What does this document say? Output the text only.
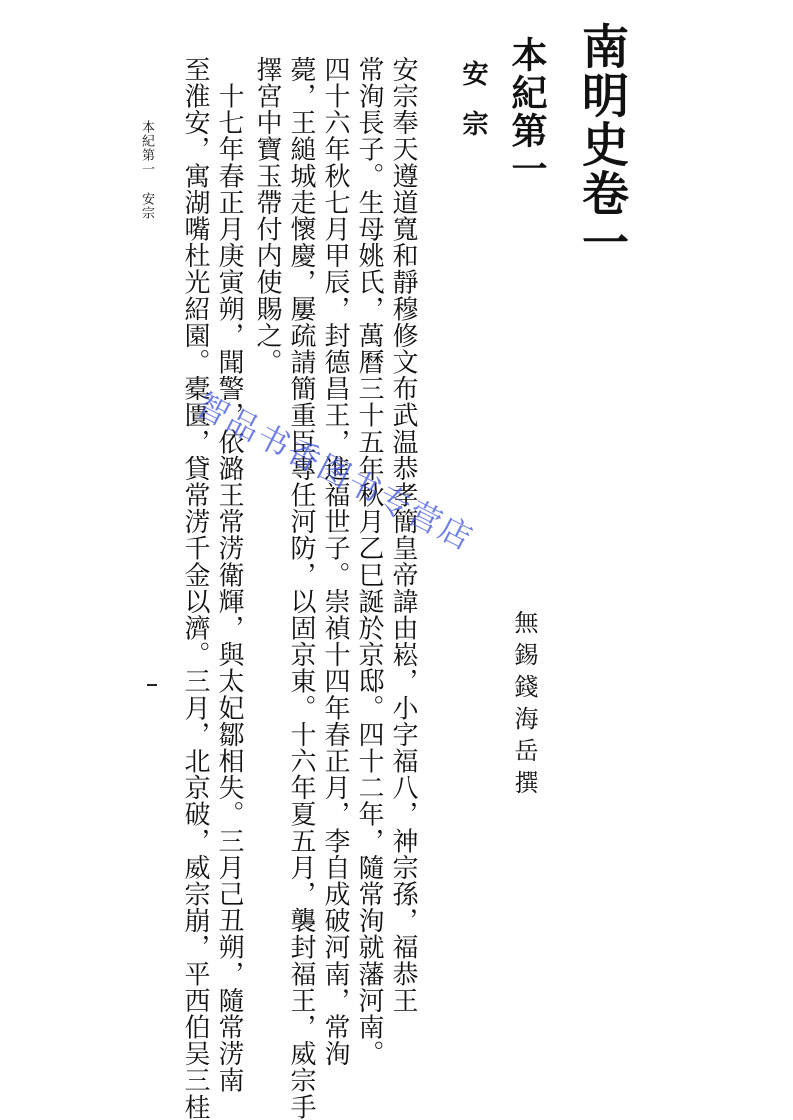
南明史卷一
本紀第一
安宗
無錫錢海岳撰
安宗奉天遵道寬和靜穆修文布武温恭孝簡皇帝諱由崧，小字福八，神宗孫，福恭王
常洵長子。生母姚氏，萬曆三十五年秋月乙巳誕於京邸。四十二年，隨常洵就藩河南。
四十六年秋七月甲辰，封德昌王，進福世子。崇禎十四年春正月，李自成破河南，常洵
薨，王縋城走懷慶，屢疏請簡重臣專任河防，以固京東。十六年夏五月，襲封福王，威宗手
擇宮中寶玉帶付内使賜之。
　十七年春正月庚寅朔，聞警，依潞王常淓衛輝，與太妃鄒相失。三月己丑朔，隨常淓南
至淮安，寓湖嘴杜光紹園。橐匱，貸常淓千金以濟。三月，北京破，威宗崩，平西伯吴三桂
本紀第一安宗
智品书香图书专营店
